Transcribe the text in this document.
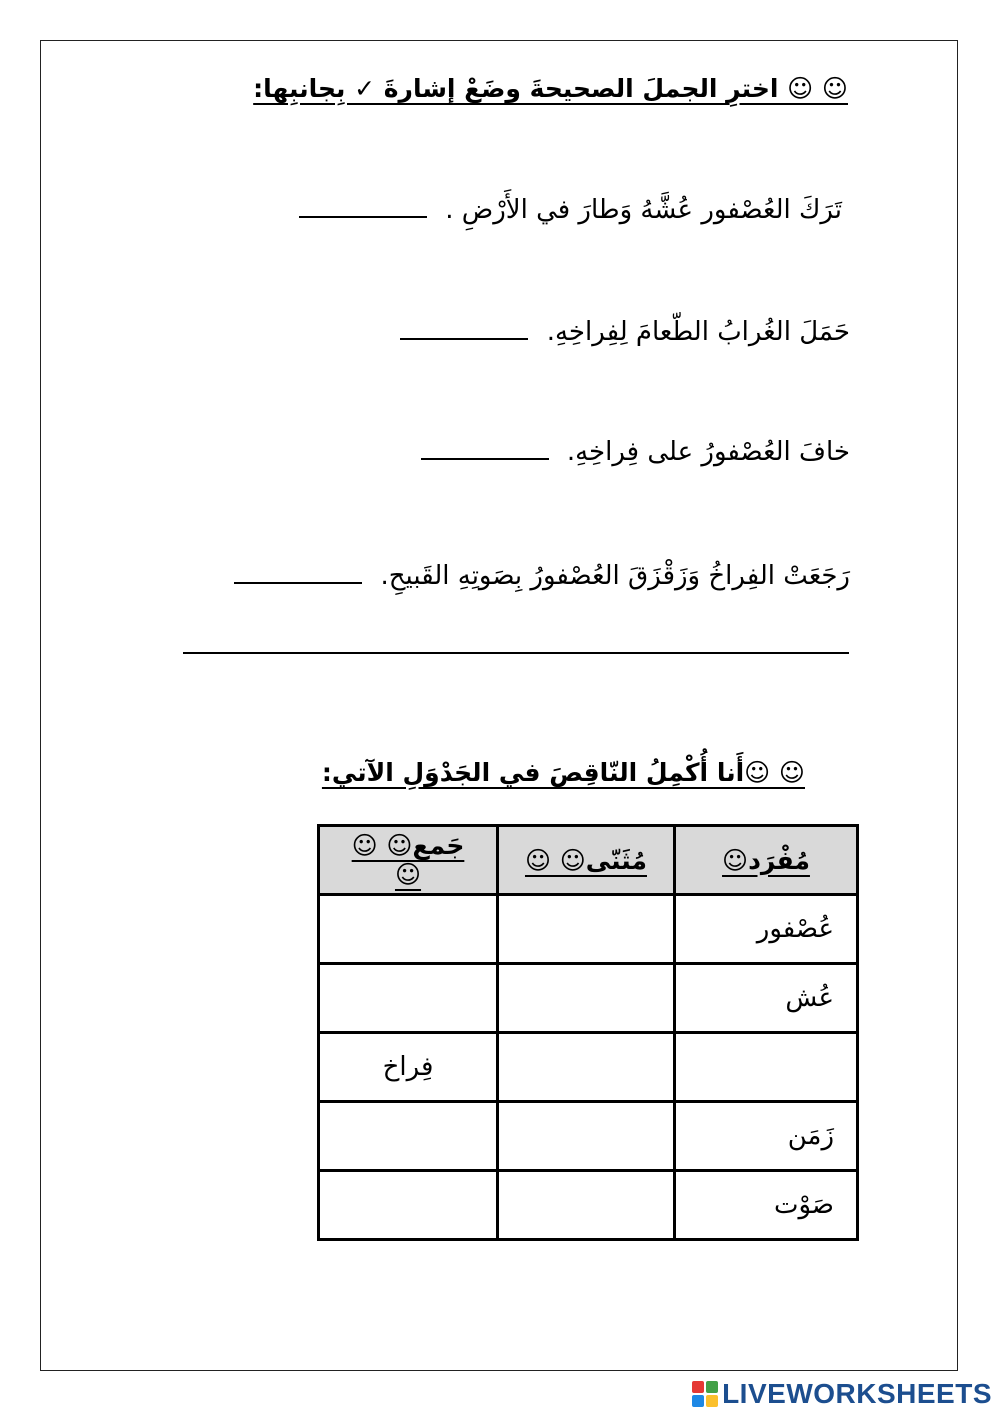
☺ ☺ اخترِ الجملَ الصحيحةَ وضَعْ إشارةَ ✓ بِجانبِها:
تَرَكَ العُصْفور عُشَّهُ وَطارَ في الأَرْضِ .
حَمَلَ الغُرابُ الطّعامَ لِفِراخِهِ.
خافَ العُصْفورُ على فِراخِهِ.
رَجَعَتْ الفِراخُ وَزَقْزَقَ العُصْفورُ بِصَوتِهِ القَبيحِ.
☺ ☺أَنا أُكْمِلُ النّاقِصَ في الجَدْوَلِ الآتي:
مُفْرَد☺	مُثَنّى☺ ☺	جَمع☺ ☺ ☺
عُصْفور		
عُش		
		فِراخ
زَمَن		
صَوْت		
LIVEWORKSHEETS
